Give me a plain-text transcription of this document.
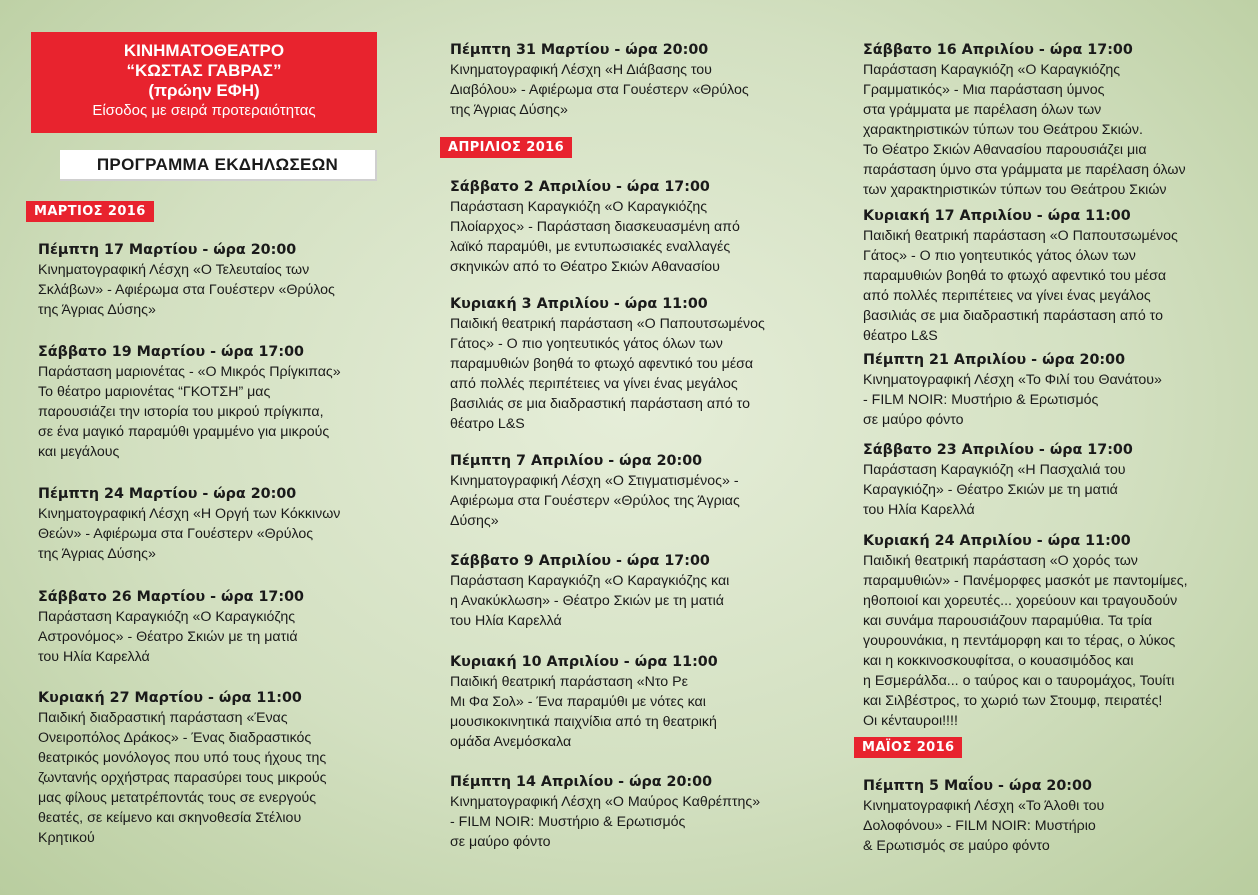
ΚΙΝΗΜΑΤΟΘΕΑΤΡΟ
“ΚΩΣΤΑΣ ΓΑΒΡΑΣ”
(πρώην ΕΦΗ)
Είσοδος με σειρά προτεραιότητας
ΠΡΟΓΡΑΜΜΑ ΕΚΔΗΛΩΣΕΩΝ
ΜΑΡΤΙΟΣ 2016
Πέμπτη 17 Μαρτίου - ώρα 20:00
Κινηματογραφική Λέσχη «Ο Τελευταίος των
Σκλάβων» - Αφιέρωμα στα Γουέστερν «Θρύλος
της Άγριας Δύσης»
Σάββατο 19 Μαρτίου - ώρα 17:00
Παράσταση μαριονέτας - «Ο Μικρός Πρίγκιπας»
Το θέατρο μαριονέτας “ΓΚΟΤΣΗ” μας
παρουσιάζει την ιστορία του μικρού πρίγκιπα,
σε ένα μαγικό παραμύθι γραμμένο για μικρούς
και μεγάλους
Πέμπτη 24 Μαρτίου - ώρα 20:00
Κινηματογραφική Λέσχη «Η Οργή των Κόκκινων
Θεών» - Αφιέρωμα στα Γουέστερν «Θρύλος
της Άγριας Δύσης»
Σάββατο 26 Μαρτίου - ώρα 17:00
Παράσταση Καραγκιόζη «Ο Καραγκιόζης
Αστρονόμος» - Θέατρο Σκιών με τη ματιά
του Ηλία Καρελλά
Κυριακή 27 Μαρτίου - ώρα 11:00
Παιδική διαδραστική παράσταση «Ένας
Ονειροπόλος Δράκος» - Ένας διαδραστικός
θεατρικός μονόλογος που υπό τους ήχους της
ζωντανής ορχήστρας παρασύρει τους μικρούς
μας φίλους μετατρέποντάς τους σε ενεργούς
θεατές, σε κείμενο και σκηνοθεσία Στέλιου
Κρητικού
Πέμπτη 31 Μαρτίου - ώρα 20:00
Κινηματογραφική Λέσχη «Η Διάβασης του
Διαβόλου» - Αφιέρωμα στα Γουέστερν «Θρύλος
της Άγριας Δύσης»
ΑΠΡΙΛΙΟΣ 2016
Σάββατο 2 Απριλίου - ώρα 17:00
Παράσταση Καραγκιόζη «Ο Καραγκιόζης
Πλοίαρχος» - Παράσταση διασκευασμένη από
λαϊκό παραμύθι, με εντυπωσιακές εναλλαγές
σκηνικών από το Θέατρο Σκιών Αθανασίου
Κυριακή 3 Απριλίου - ώρα 11:00
Παιδική θεατρική παράσταση «Ο Παπουτσωμένος
Γάτος» - Ο πιο γοητευτικός γάτος όλων των
παραμυθιών βοηθά το φτωχό αφεντικό του μέσα
από πολλές περιπέτειες να γίνει ένας μεγάλος
βασιλιάς σε μια διαδραστική παράσταση από το
θέατρο L&S
Πέμπτη 7 Απριλίου - ώρα 20:00
Κινηματογραφική Λέσχη «Ο Στιγματισμένος» -
Αφιέρωμα στα Γουέστερν «Θρύλος της Άγριας
Δύσης»
Σάββατο 9 Απριλίου - ώρα 17:00
Παράσταση Καραγκιόζη «Ο Καραγκιόζης και
η Ανακύκλωση» - Θέατρο Σκιών με τη ματιά
του Ηλία Καρελλά
Κυριακή 10 Απριλίου - ώρα 11:00
Παιδική θεατρική παράσταση «Ντο Ρε
Μι Φα Σολ» - Ένα παραμύθι με νότες και
μουσικοκινητικά παιχνίδια από τη θεατρική
ομάδα Ανεμόσκαλα
Πέμπτη 14 Απριλίου - ώρα 20:00
Κινηματογραφική Λέσχη «Ο Μαύρος Καθρέπτης»
- FILM NOIR: Μυστήριο & Ερωτισμός
σε μαύρο φόντο
Σάββατο 16 Απριλίου - ώρα 17:00
Παράσταση Καραγκιόζη «Ο Καραγκιόζης
Γραμματικός» - Μια παράσταση ύμνος
στα γράμματα με παρέλαση όλων των
χαρακτηριστικών τύπων του Θεάτρου Σκιών.
Το Θέατρο Σκιών Αθανασίου παρουσιάζει μια
παράσταση ύμνο στα γράμματα με παρέλαση όλων
των χαρακτηριστικών τύπων του Θεάτρου Σκιών
Κυριακή 17 Απριλίου - ώρα 11:00
Παιδική θεατρική παράσταση «Ο Παπουτσωμένος
Γάτος» - Ο πιο γοητευτικός γάτος όλων των
παραμυθιών βοηθά το φτωχό αφεντικό του μέσα
από πολλές περιπέτειες να γίνει ένας μεγάλος
βασιλιάς σε μια διαδραστική παράσταση από το
θέατρο L&S
Πέμπτη 21 Απριλίου - ώρα 20:00
Κινηματογραφική Λέσχη «Το Φιλί του Θανάτου»
- FILM NOIR: Μυστήριο & Ερωτισμός
σε μαύρο φόντο
Σάββατο 23 Απριλίου - ώρα 17:00
Παράσταση Καραγκιόζη «Η Πασχαλιά του
Καραγκιόζη» - Θέατρο Σκιών με τη ματιά
του Ηλία Καρελλά
Κυριακή 24 Απριλίου - ώρα 11:00
Παιδική θεατρική παράσταση «Ο χορός των
παραμυθιών» - Πανέμορφες μασκότ με παντομίμες,
ηθοποιοί και χορευτές... χορεύουν και τραγουδούν
και συνάμα παρουσιάζουν παραμύθια. Τα τρία
γουρουνάκια, η πεντάμορφη και το τέρας, ο λύκος
και η κοκκινοσκουφίτσα, ο κουασιμόδος και
η Εσμεράλδα... ο ταύρος και ο ταυρομάχος, Τουίτι
και Σιλβέστρος, το χωριό των Στουμφ, πειρατές!
Οι κένταυροι!!!!
ΜΑΪΟΣ 2016
Πέμπτη 5 Μαΐου - ώρα 20:00
Κινηματογραφική Λέσχη «Το Άλοθι του
Δολοφόνου» - FILM NOIR: Μυστήριο
& Ερωτισμός σε μαύρο φόντο
